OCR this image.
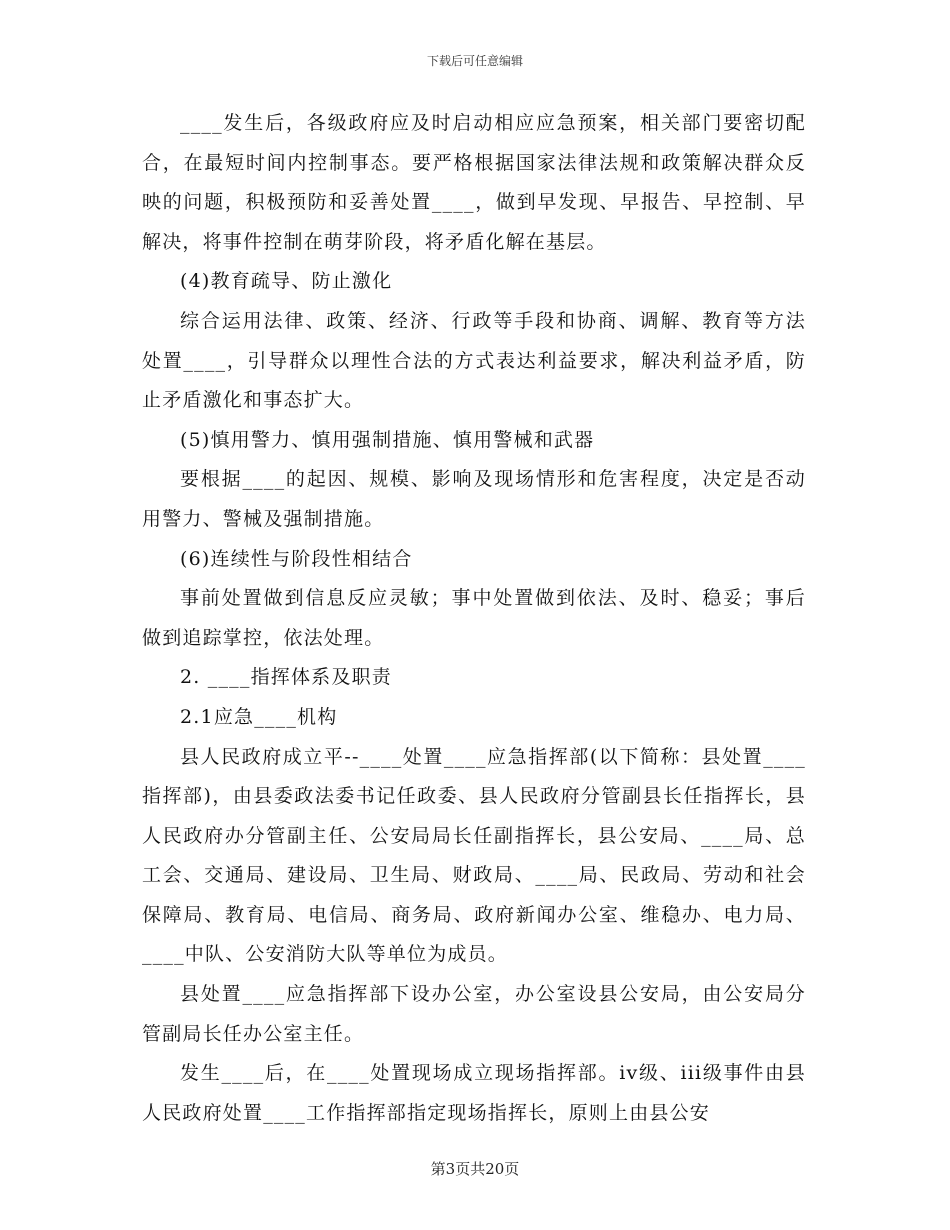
下载后可任意编辑

____发生后，各级政府应及时启动相应应急预案，相关部门要密切配合，在最短时间内控制事态。要严格根据国家法律法规和政策解决群众反映的问题，积极预防和妥善处置____，做到早发现、早报告、早控制、早解决，将事件控制在萌芽阶段，将矛盾化解在基层。

(4)教育疏导、防止激化

综合运用法律、政策、经济、行政等手段和协商、调解、教育等方法处置____，引导群众以理性合法的方式表达利益要求，解决利益矛盾，防止矛盾激化和事态扩大。

(5)慎用警力、慎用强制措施、慎用警械和武器

要根据____的起因、规模、影响及现场情形和危害程度，决定是否动用警力、警械及强制措施。

(6)连续性与阶段性相结合

事前处置做到信息反应灵敏；事中处置做到依法、及时、稳妥；事后做到追踪掌控，依法处理。

2. ____指挥体系及职责

2.1应急____机构

县人民政府成立平--____处置____应急指挥部(以下简称：县处置____指挥部)，由县委政法委书记任政委、县人民政府分管副县长任指挥长，县人民政府办分管副主任、公安局局长任副指挥长，县公安局、____局、总工会、交通局、建设局、卫生局、财政局、____局、民政局、劳动和社会保障局、教育局、电信局、商务局、政府新闻办公室、维稳办、电力局、____中队、公安消防大队等单位为成员。

县处置____应急指挥部下设办公室，办公室设县公安局，由公安局分管副局长任办公室主任。

发生____后，在____处置现场成立现场指挥部。iv级、iii级事件由县人民政府处置____工作指挥部指定现场指挥长，原则上由县公安

第3页共20页
